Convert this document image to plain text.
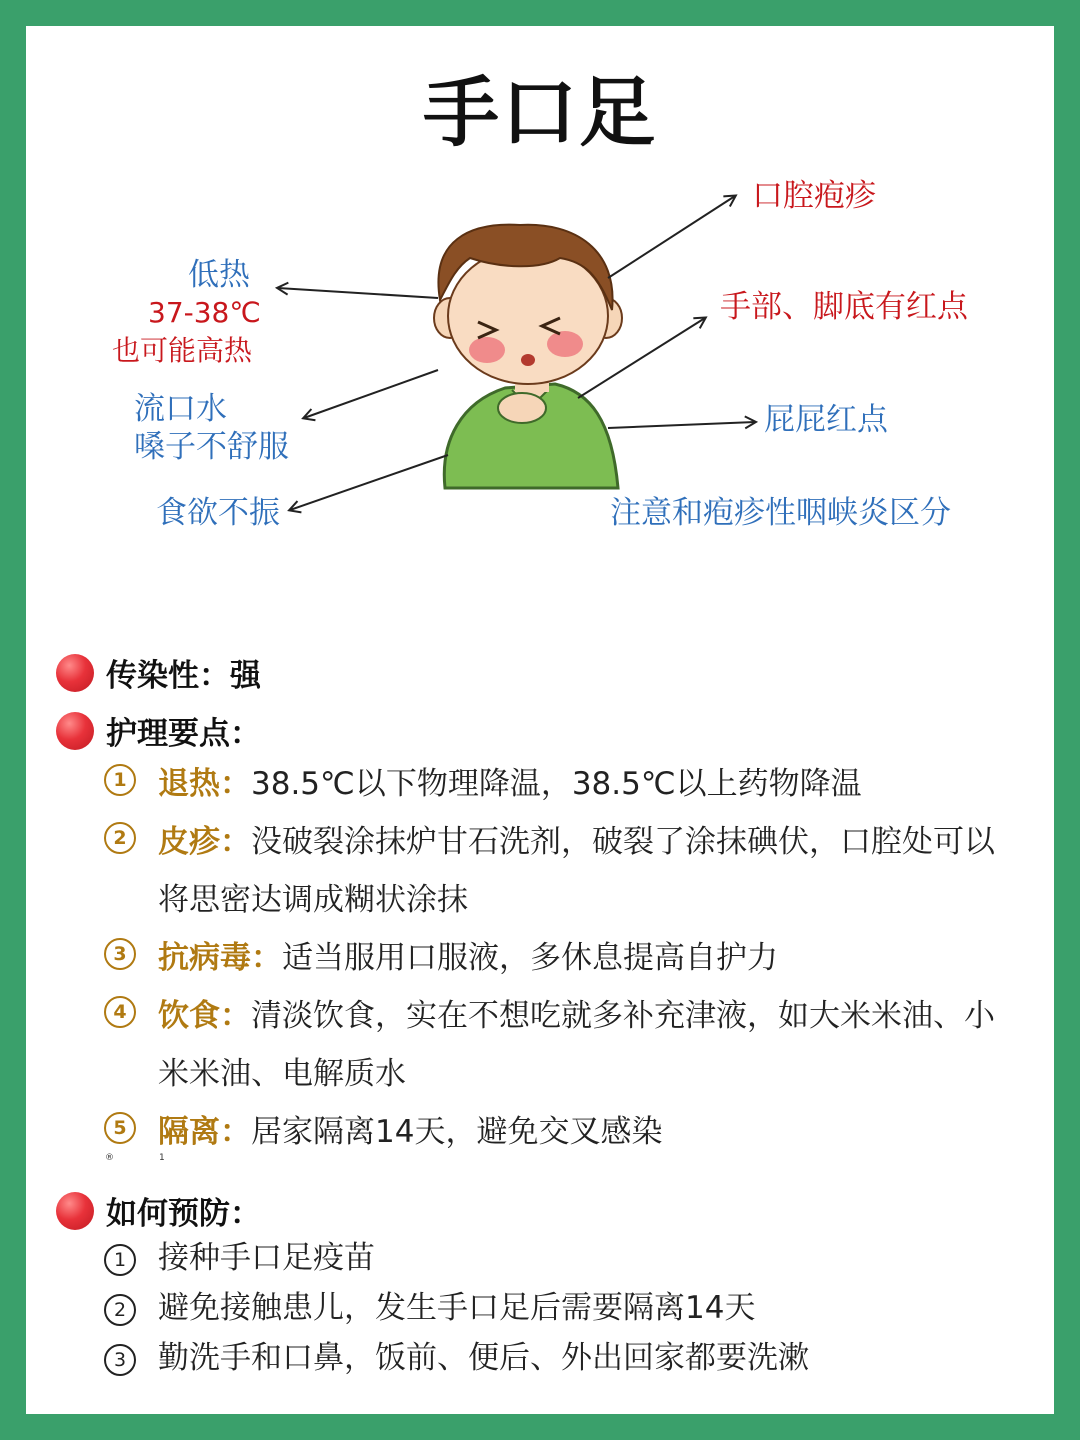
手口足
低热
37-38℃
也可能高热
流口水
嗓子不舒服
食欲不振
口腔疱疹
手部、脚底有红点
屁屁红点
注意和疱疹性咽峡炎区分
传染性：强
护理要点：
1	退热：38.5℃以下物理降温，38.5℃以上药物降温
2	皮疹：没破裂涂抹炉甘石洗剂，破裂了涂抹碘伏，口腔处可以将思密达调成糊状涂抹
3	抗病毒：适当服用口服液，多休息提高自护力
4	饮食：清淡饮食，实在不想吃就多补充津液，如大米米油、小米米油、电解质水
5	隔离：居家隔离14天，避免交叉感染
®	1
如何预防：
1	接种手口足疫苗
2	避免接触患儿，发生手口足后需要隔离14天
3	勤洗手和口鼻，饭前、便后、外出回家都要洗漱
